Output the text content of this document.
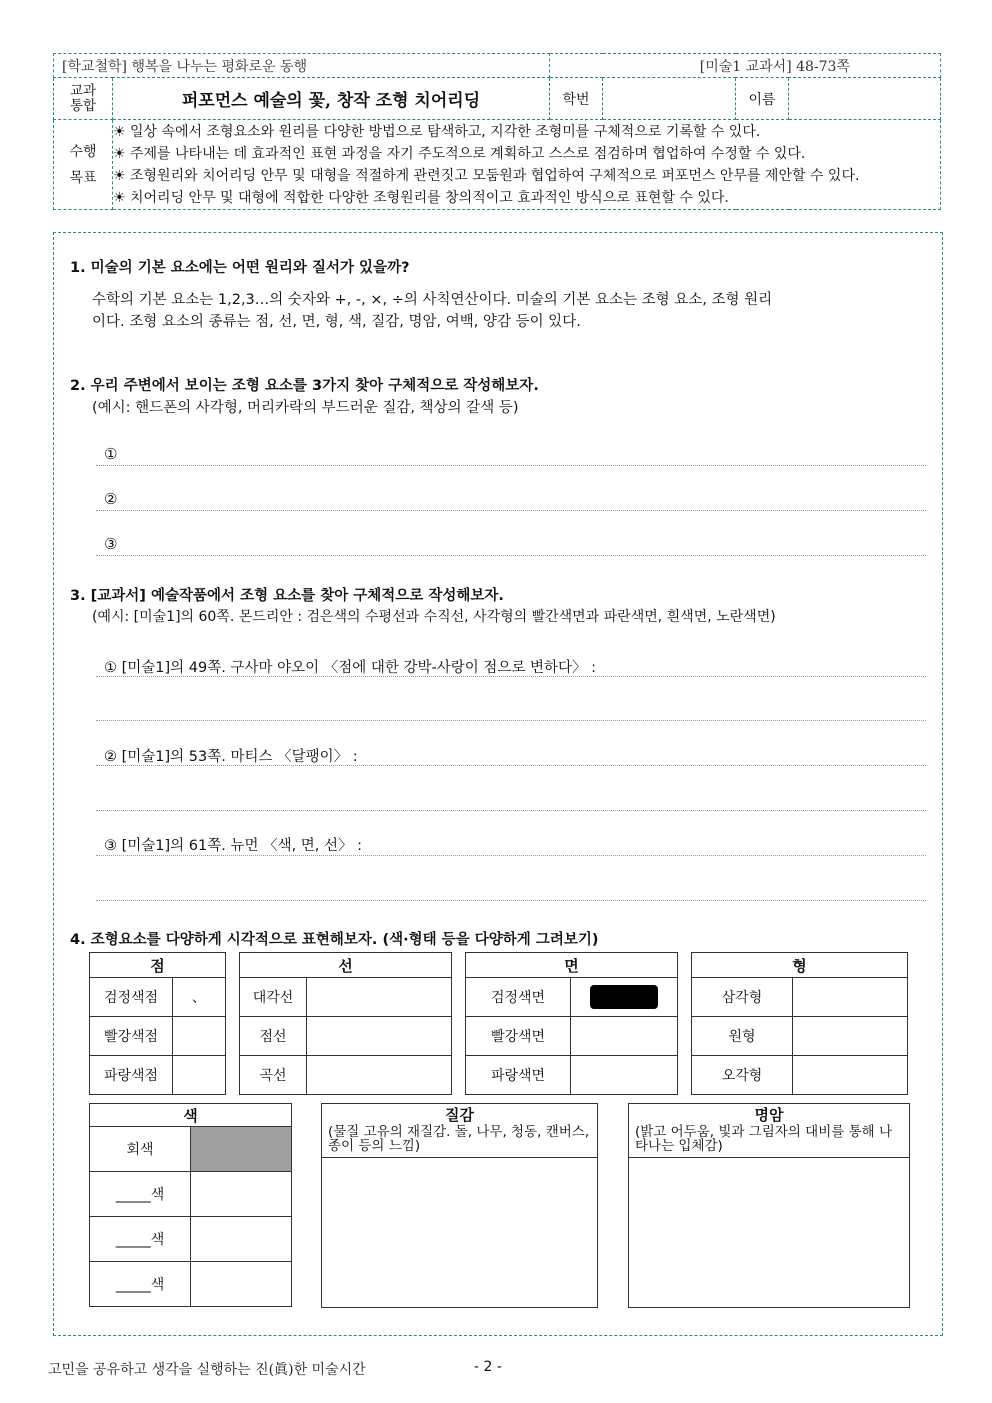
[학교철학] 행복을 나누는 평화로운 동행		[미술1 교과서] 48-73쪽			
교과통합	퍼포먼스 예술의 꽃, 창작 조형 치어리딩	학번		이름	
수행목표	☀ 일상 속에서 조형요소와 원리를 다양한 방법으로 탐색하고, 지각한 조형미를 구체적으로 기록할 수 있다.
☀ 주제를 나타내는 데 효과적인 표현 과정을 자기 주도적으로 계획하고 스스로 점검하며 협업하여 수정할 수 있다.
☀ 조형원리와 치어리딩 안무 및 대형을 적절하게 관련짓고 모둠원과 협업하여 구체적으로 퍼포먼스 안무를 제안할 수 있다.
☀ 치어리딩 안무 및 대형에 적합한 다양한 조형원리를 창의적이고 효과적인 방식으로 표현할 수 있다.				
1. 미술의 기본 요소에는 어떤 원리와 질서가 있을까?
수학의 기본 요소는 1,2,3…의 숫자와 +, -, ×, ÷의 사칙연산이다. 미술의 기본 요소는 조형 요소, 조형 원리
이다. 조형 요소의 종류는 점, 선, 면, 형, 색, 질감, 명암, 여백, 양감 등이 있다.
2. 우리 주변에서 보이는 조형 요소를 3가지 찾아 구체적으로 작성해보자.
(예시: 핸드폰의 사각형, 머리카락의 부드러운 질감, 책상의 갈색 등)
①
②
③
3. [교과서] 예술작품에서 조형 요소를 찾아 구체적으로 작성해보자.
(예시: [미술1]의 60쪽. 몬드리안 : 검은색의 수평선과 수직선, 사각형의 빨간색면과 파란색면, 흰색면, 노란색면)
① [미술1]의 49쪽. 구사마 야오이 〈점에 대한 강박-사랑이 점으로 변하다〉 :
② [미술1]의 53쪽. 마티스 〈달팽이〉 :
③ [미술1]의 61쪽. 뉴먼 〈색, 면, 선〉 :
4. 조형요소를 다양하게 시각적으로 표현해보자. (색·형태 등을 다양하게 그려보기)
점	
검정색점	、
빨강색점	
파랑색점	
선	
대각선	
점선	
곡선	
면	
검정색면	

빨강색면	
파랑색면	
형	
삼각형	
원형	
오각형	
색	
회색	
_____색	
_____색	
_____색	
질감
(물질 고유의 재질감. 돌, 나무, 청동, 캔버스, 종이 등의 느낌)
명암
(밝고 어두움, 빛과 그림자의 대비를 통해 나타나는 입체감)
고민을 공유하고 생각을 실행하는 진(眞)한 미술시간	- 2 -
